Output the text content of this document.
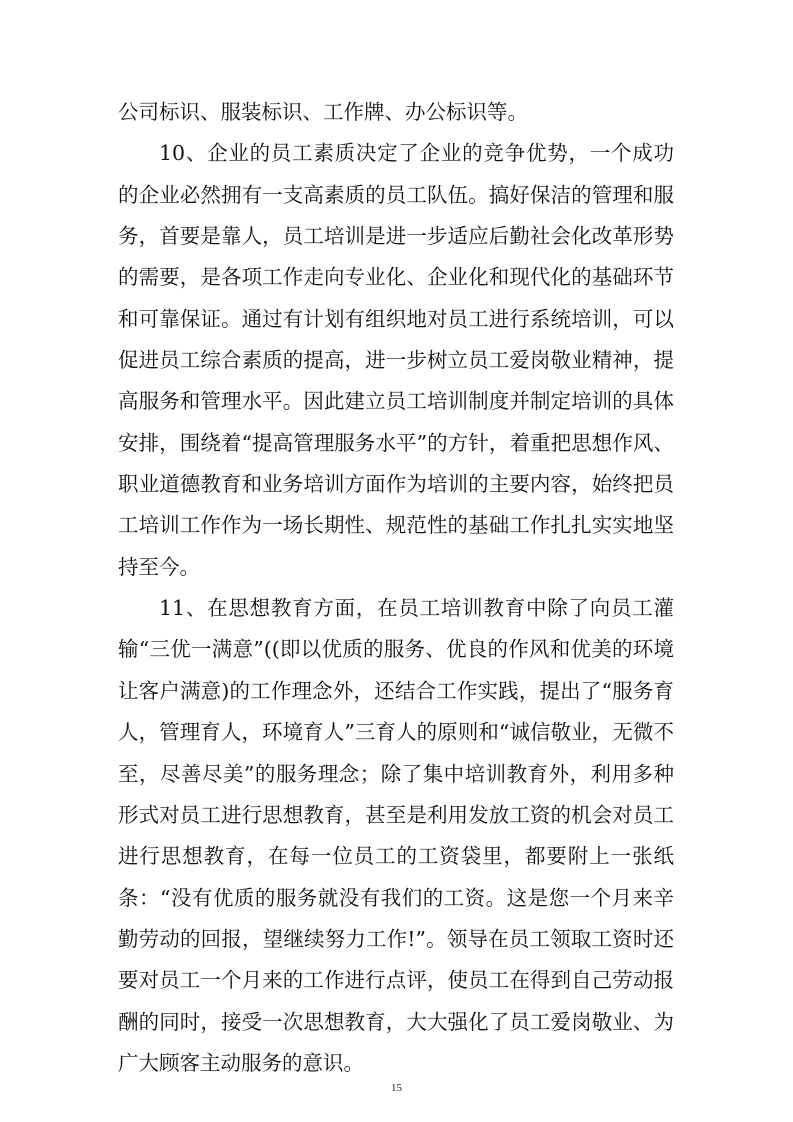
公司标识、服装标识、工作牌、办公标识等。

10、企业的员工素质决定了企业的竞争优势，一个成功的企业必然拥有一支高素质的员工队伍。搞好保洁的管理和服务，首要是靠人，员工培训是进一步适应后勤社会化改革形势的需要，是各项工作走向专业化、企业化和现代化的基础环节和可靠保证。通过有计划有组织地对员工进行系统培训，可以促进员工综合素质的提高，进一步树立员工爱岗敬业精神，提高服务和管理水平。因此建立员工培训制度并制定培训的具体安排，围绕着“提高管理服务水平”的方针，着重把思想作风、职业道德教育和业务培训方面作为培训的主要内容，始终把员工培训工作作为一场长期性、规范性的基础工作扎扎实实地坚持至今。

11、在思想教育方面，在员工培训教育中除了向员工灌输“三优一满意”((即以优质的服务、优良的作风和优美的环境让客户满意)的工作理念外，还结合工作实践，提出了“服务育人，管理育人，环境育人”三育人的原则和“诚信敬业，无微不至，尽善尽美”的服务理念；除了集中培训教育外，利用多种形式对员工进行思想教育，甚至是利用发放工资的机会对员工进行思想教育，在每一位员工的工资袋里，都要附上一张纸条：“没有优质的服务就没有我们的工资。这是您一个月来辛勤劳动的回报，望继续努力工作!”。领导在员工领取工资时还要对员工一个月来的工作进行点评，使员工在得到自己劳动报酬的同时，接受一次思想教育，大大强化了员工爱岗敬业、为广大顾客主动服务的意识。

15
